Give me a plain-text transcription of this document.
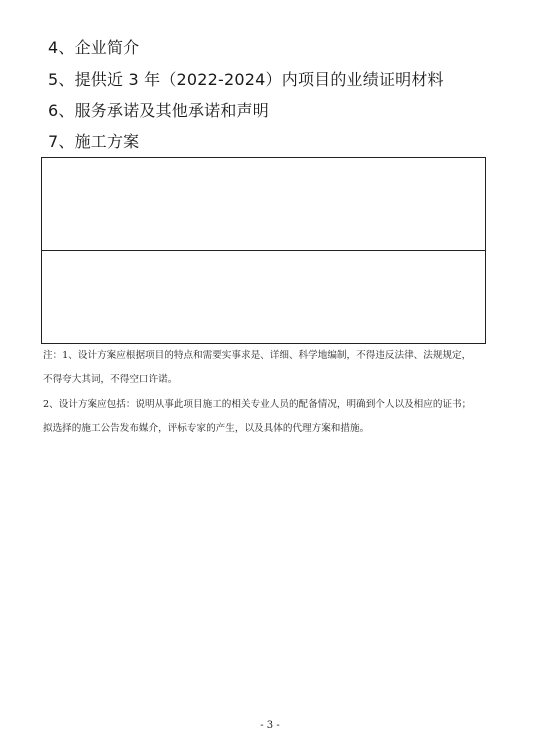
4、企业简介
5、提供近 3 年（2022-2024）内项目的业绩证明材料
6、服务承诺及其他承诺和声明
7、施工方案
注：1、设计方案应根据项目的特点和需要实事求是、详细、科学地编制，不得违反法律、法规规定，
不得夸大其词，不得空口许诺。
2、设计方案应包括：说明从事此项目施工的相关专业人员的配备情况，明确到个人以及相应的证书；
拟选择的施工公告发布媒介，评标专家的产生，以及具体的代理方案和措施。
- 3 -
